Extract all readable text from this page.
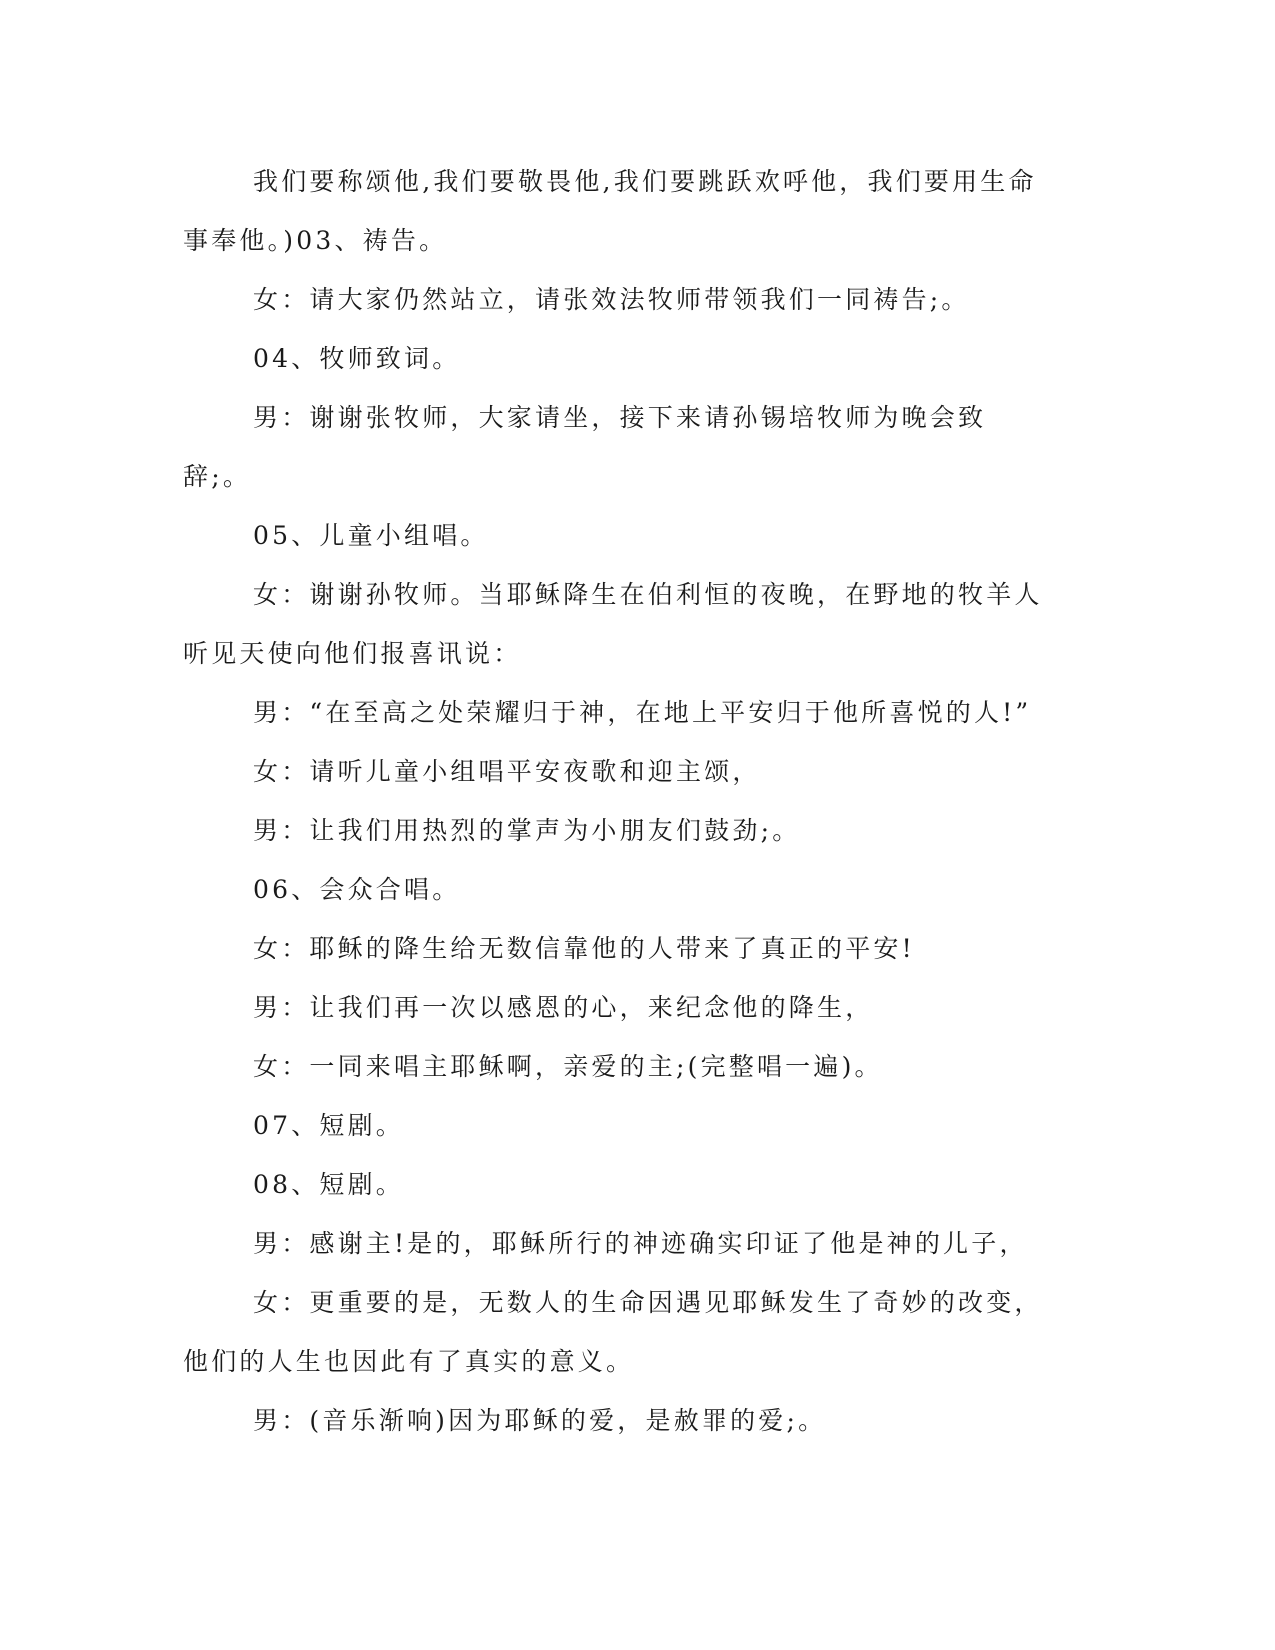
我们要称颂他,我们要敬畏他,我们要跳跃欢呼他，我们要用生命事奉他。)03、祷告。

女：请大家仍然站立，请张效法牧师带领我们一同祷告;。

04、牧师致词。

男：谢谢张牧师，大家请坐，接下来请孙锡培牧师为晚会致辞;。

05、儿童小组唱。

女：谢谢孙牧师。当耶稣降生在伯利恒的夜晚，在野地的牧羊人听见天使向他们报喜讯说：

男：“在至高之处荣耀归于神，在地上平安归于他所喜悦的人!”

女：请听儿童小组唱平安夜歌和迎主颂，

男：让我们用热烈的掌声为小朋友们鼓劲;。

06、会众合唱。

女：耶稣的降生给无数信靠他的人带来了真正的平安!

男：让我们再一次以感恩的心，来纪念他的降生，

女：一同来唱主耶稣啊，亲爱的主;(完整唱一遍)。

07、短剧。

08、短剧。

男：感谢主!是的，耶稣所行的神迹确实印证了他是神的儿子，

女：更重要的是，无数人的生命因遇见耶稣发生了奇妙的改变，他们的人生也因此有了真实的意义。

男：(音乐渐响)因为耶稣的爱，是赦罪的爱;。
